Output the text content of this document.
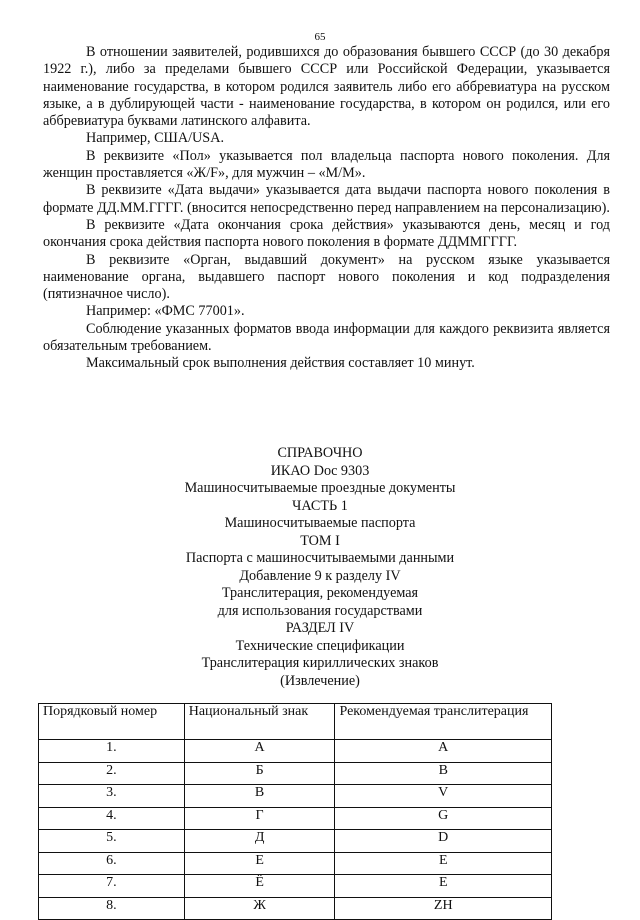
65

В отношении заявителей, родившихся до образования бывшего СССР (до 30 декабря 1922 г.), либо за пределами бывшего СССР или Российской Федерации, указывается наименование государства, в котором родился заявитель либо его аббревиатура на русском языке, а в дублирующей части - наименование государства, в котором он родился, или его аббревиатура буквами латинского алфавита.

Например, США/USA.

В реквизите «Пол» указывается пол владельца паспорта нового поколения. Для женщин проставляется «Ж/F», для мужчин – «М/M».

В реквизите «Дата выдачи» указывается дата выдачи паспорта нового поколения в формате ДД.ММ.ГГГГ. (вносится непосредственно перед направлением на персонализацию).

В реквизите «Дата окончания срока действия» указываются день, месяц и год окончания срока действия паспорта нового поколения в формате ДДММГГГГ.

В реквизите «Орган, выдавший документ» на русском языке указывается наименование органа, выдавшего паспорт нового поколения и код подразделения (пятизначное число).

Например: «ФМС 77001».

Соблюдение указанных форматов ввода информации для каждого реквизита является обязательным требованием.

Максимальный срок выполнения действия составляет 10 минут.

СПРАВОЧНО
ИКАО Doc 9303
Машиносчитываемые проездные документы
ЧАСТЬ 1
Машиносчитываемые паспорта
ТОМ I
Паспорта с машиносчитываемыми данными
Добавление 9 к разделу IV
Транслитерация, рекомендуемая
для использования государствами
РАЗДЕЛ IV
Технические спецификации
Транслитерация кириллических знаков
(Извлечение)
Порядковый номер	Национальный знак	Рекомендуемая транслитерация
1.	А	A
2.	Б	B
3.	В	V
4.	Г	G
5.	Д	D
6.	Е	E
7.	Ё	E
8.	Ж	ZH
